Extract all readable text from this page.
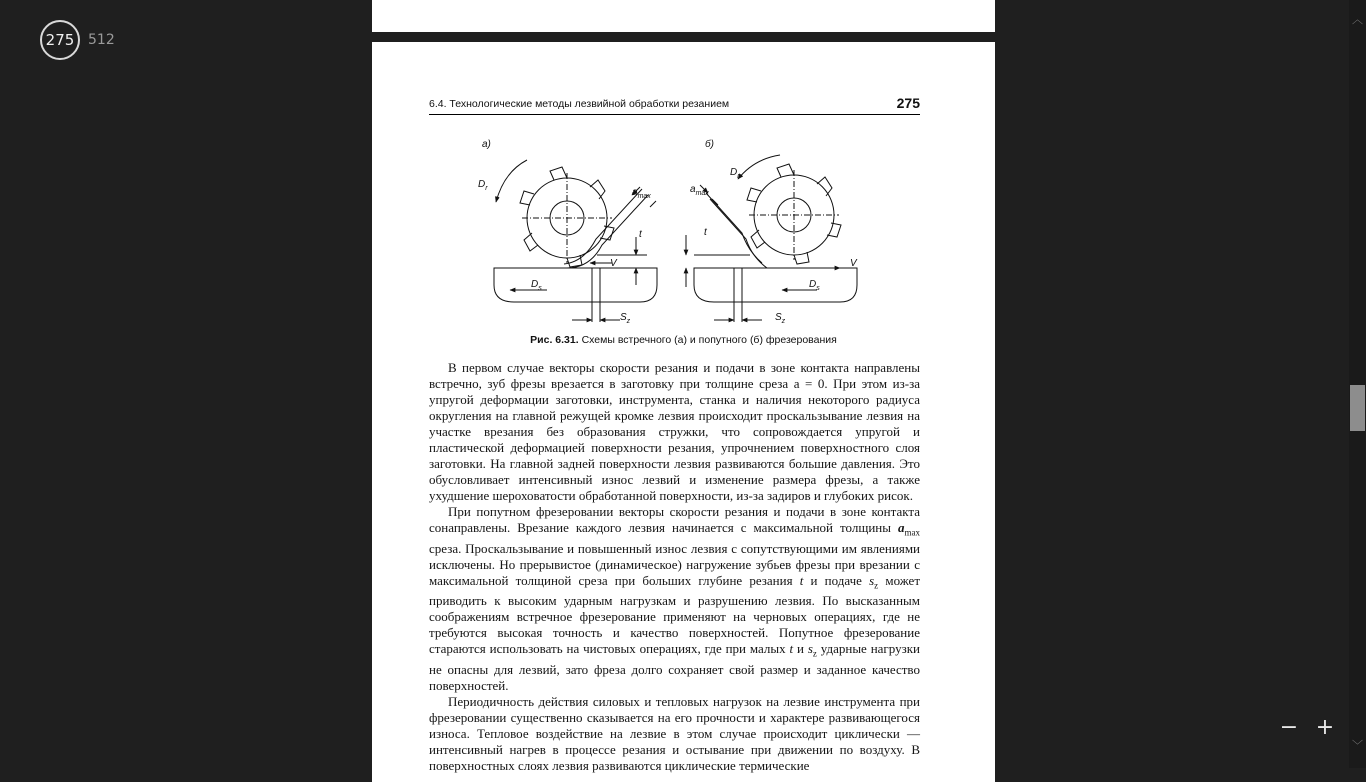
275 512
6.4. Технологические методы лезвийной обработки резанием	275
а)	б)
$D_r$	$a_{max}$
t
V
$D_s$
$S_z$
$D_r$
$a_{max}$
t
V
$D_s$
$S_z$
Рис. 6.31. Схемы встречного (а) и попутного (б) фрезерования

В первом случае векторы скорости резания и подачи в зоне контакта направлены встречно, зуб фрезы врезается в заготовку при толщине среза a = 0. При этом из-за упругой деформации заготовки, инструмента, станка и наличия некоторого радиуса округления на главной режущей кромке лезвия происходит проскальзывание лезвия на участке врезания без образования стружки, что сопровождается упругой и пластической деформацией поверхности резания, упрочнением поверхностного слоя заготовки. На главной задней поверхности лезвия развиваются большие давления. Это обусловливает интенсивный износ лезвий и изменение размера фрезы, а также ухудшение шероховатости обработанной поверхности, из-за задиров и глубоких рисок.

При попутном фрезеровании векторы скорости резания и подачи в зоне контакта сонаправлены. Врезание каждого лезвия начинается с максимальной толщины $a_{max}$ среза. Проскальзывание и повышенный износ лезвия с сопутствующими им явлениями исключены. Но прерывистое (динамическое) нагружение зубьев фрезы при врезании с максимальной толщиной среза при больших глубине резания t и подаче $s_z$ может приводить к высоким ударным нагрузкам и разрушению лезвия. По высказанным соображениям встречное фрезерование применяют на черновых операциях, где не требуются высокая точность и качество поверхностей. Попутное фрезерование стараются использовать на чистовых операциях, где при малых t и $s_z$ ударные нагрузки не опасны для лезвий, зато фреза долго сохраняет свой размер и заданное качество поверхностей.

Периодичность действия силовых и тепловых нагрузок на лезвие инструмента при фрезеровании существенно сказывается на его прочности и характере развивающегося износа. Тепловое воздействие на лезвие в этом случае происходит циклически — интенсивный нагрев в процессе резания и остывание при движении по воздуху. В поверхностных слоях лезвия развиваются циклические термические

︿
﹀
− +
